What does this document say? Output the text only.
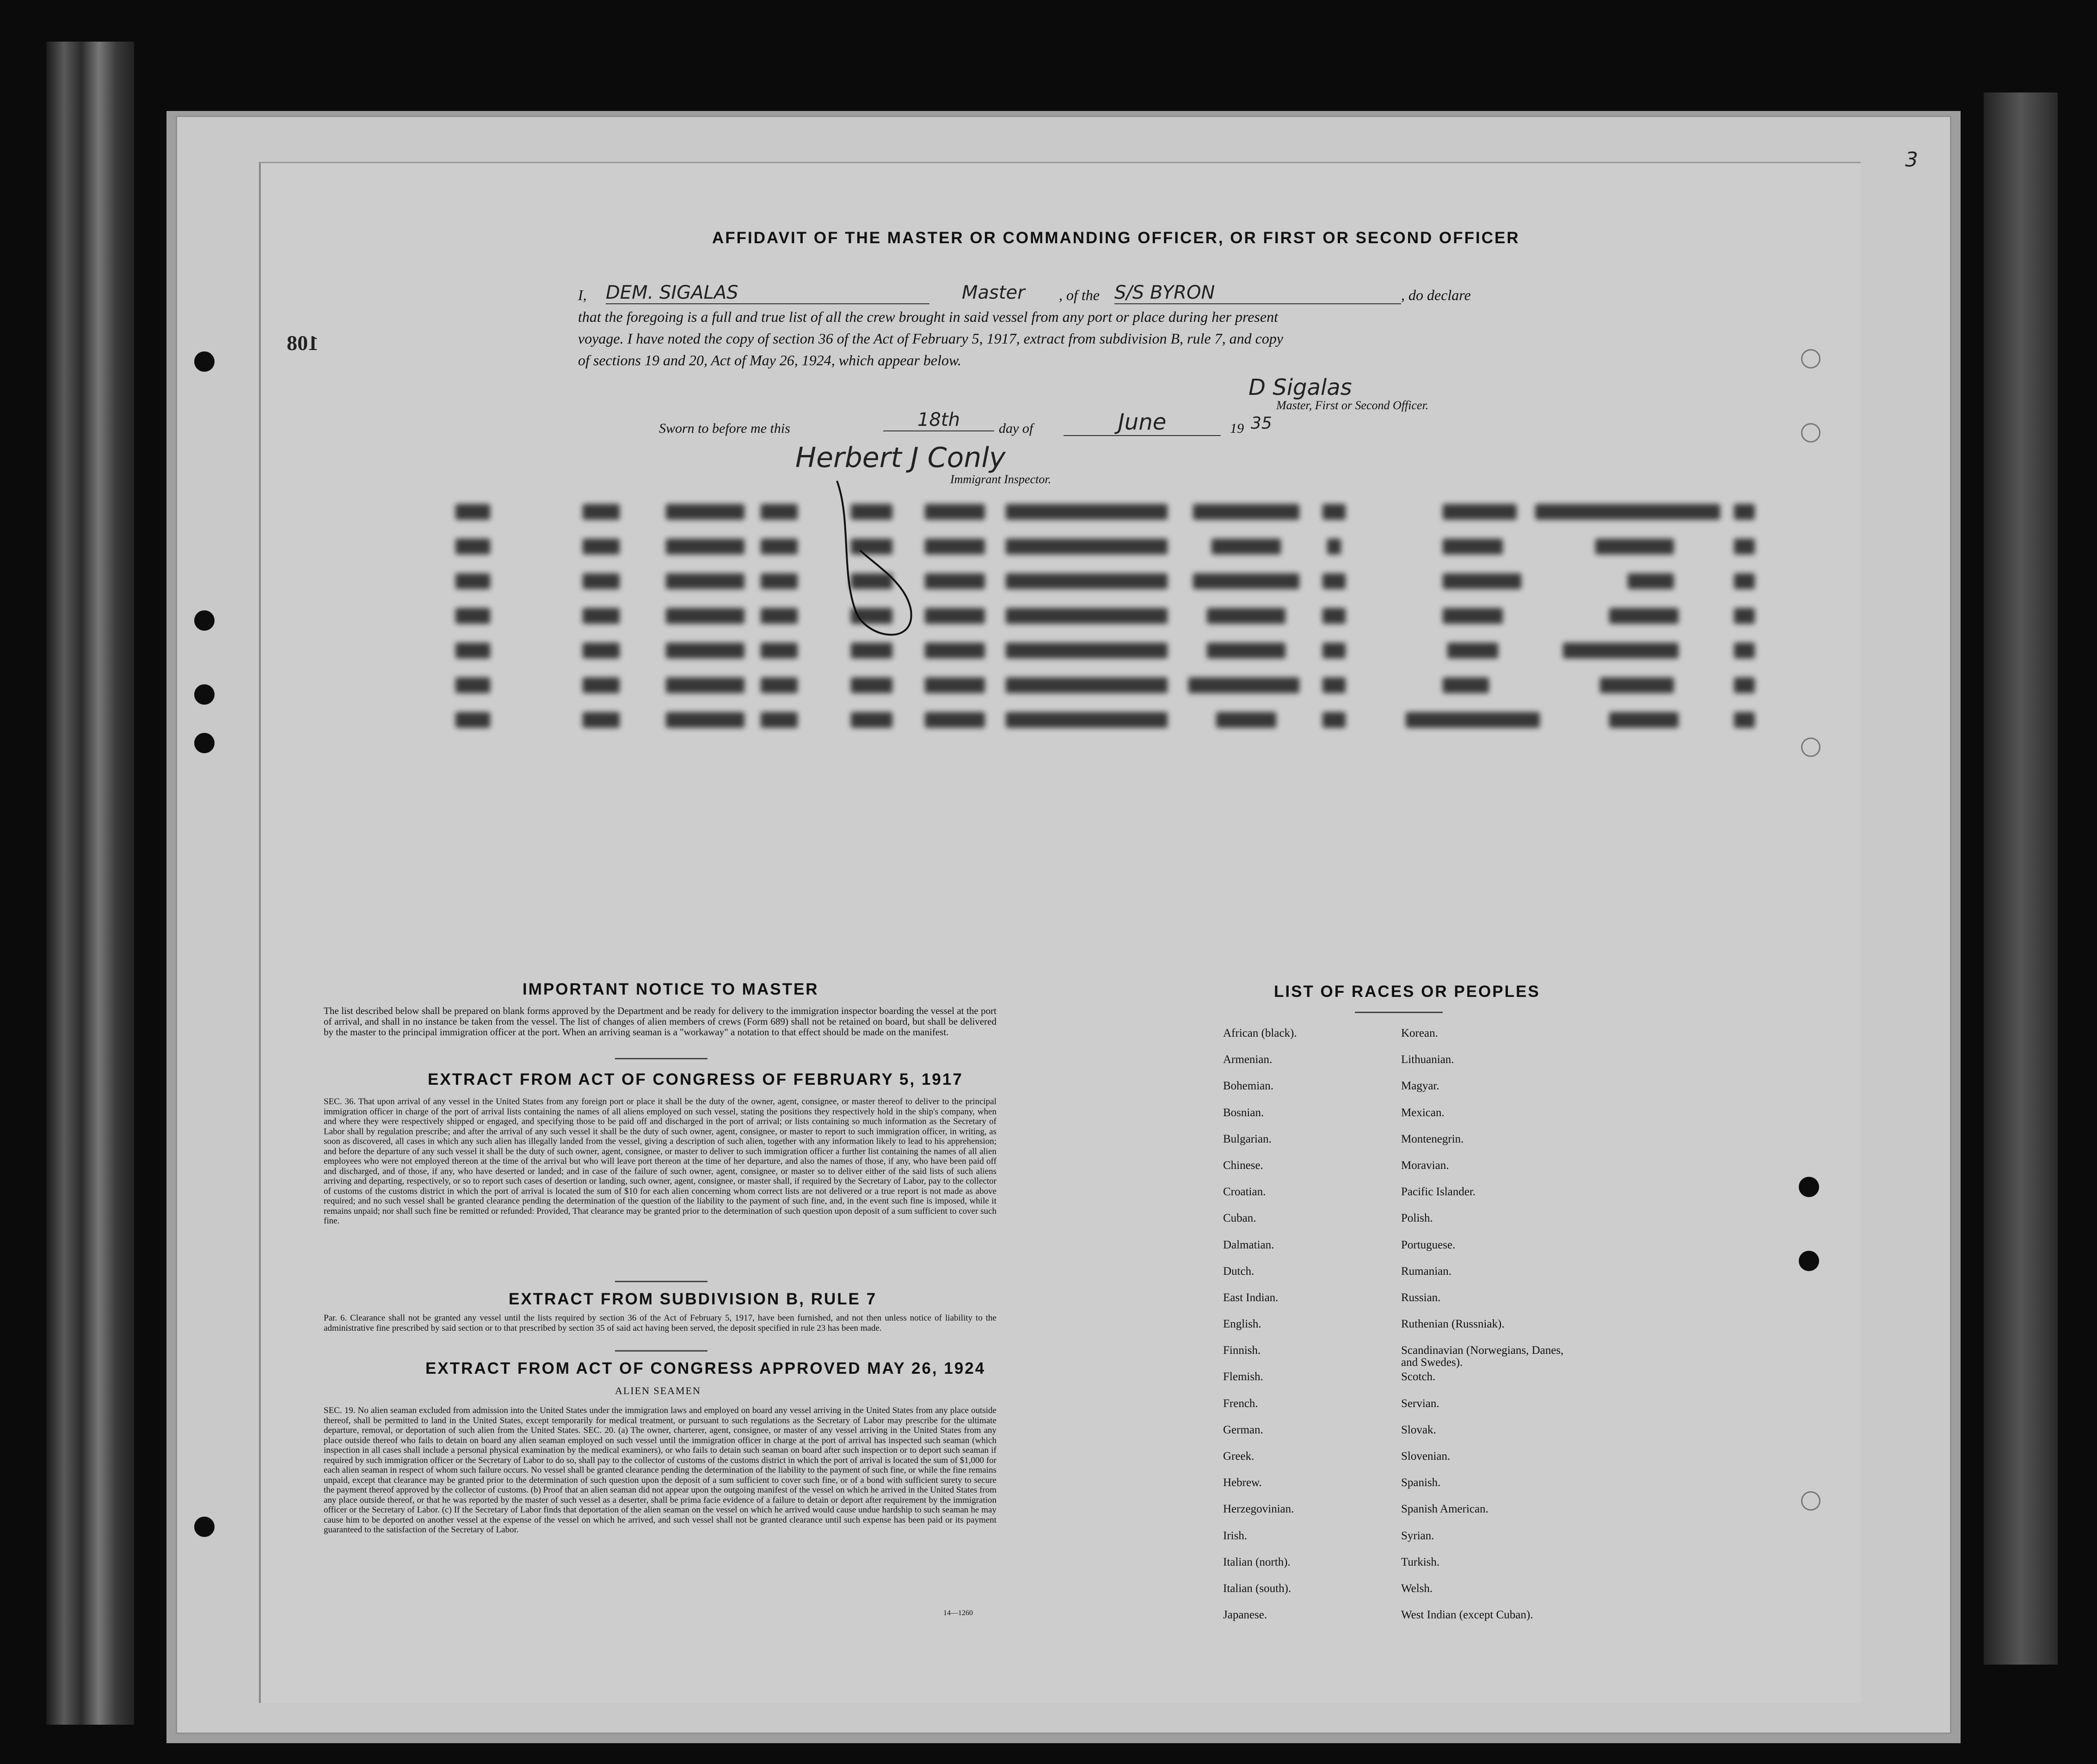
3
108
AFFIDAVIT OF THE MASTER OR COMMANDING OFFICER, OR FIRST OR SECOND OFFICER
I, DEM. SIGALAS	Master , of the S/S BYRON	, do declare
that the foregoing is a full and true list of all the crew brought in said vessel from any port or place during her present
voyage. I have noted the copy of section 36 of the Act of February 5, 1917, extract from subdivision B, rule 7, and copy
of sections 19 and 20, Act of May 26, 1924, which appear below.
D Sigalas
Master, First or Second Officer.
Sworn to before me this	18th	day of	June	19 35
Herbert J Conly
Immigrant Inspector.
IMPORTANT NOTICE TO MASTER
The list described below shall be prepared on blank forms approved by the Department and be ready for delivery to the immigration inspector boarding the vessel at the port of arrival, and shall in no instance be taken from the vessel. The list of changes of alien members of crews (Form 689) shall not be retained on board, but shall be delivered by the master to the principal immigration officer at the port. When an arriving seaman is a "workaway" a notation to that effect should be made on the manifest.
EXTRACT FROM ACT OF CONGRESS OF FEBRUARY 5, 1917
SEC. 36. That upon arrival of any vessel in the United States from any foreign port or place it shall be the duty of the owner, agent, consignee, or master thereof to deliver to the principal immigration officer in charge of the port of arrival lists containing the names of all aliens employed on such vessel, stating the positions they respectively hold in the ship's company, when and where they were respectively shipped or engaged, and specifying those to be paid off and discharged in the port of arrival; or lists containing so much information as the Secretary of Labor shall by regulation prescribe; and after the arrival of any such vessel it shall be the duty of such owner, agent, consignee, or master to report to such immigration officer, in writing, as soon as discovered, all cases in which any such alien has illegally landed from the vessel, giving a description of such alien, together with any information likely to lead to his apprehension; and before the departure of any such vessel it shall be the duty of such owner, agent, consignee, or master to deliver to such immigration officer a further list containing the names of all alien employees who were not employed thereon at the time of the arrival but who will leave port thereon at the time of her departure, and also the names of those, if any, who have been paid off and discharged, and of those, if any, who have deserted or landed; and in case of the failure of such owner, agent, consignee, or master so to deliver either of the said lists of such aliens arriving and departing, respectively, or so to report such cases of desertion or landing, such owner, agent, consignee, or master shall, if required by the Secretary of Labor, pay to the collector of customs of the customs district in which the port of arrival is located the sum of $10 for each alien concerning whom correct lists are not delivered or a true report is not made as above required; and no such vessel shall be granted clearance pending the determination of the question of the liability to the payment of such fine, and, in the event such fine is imposed, while it remains unpaid; nor shall such fine be remitted or refunded: Provided, That clearance may be granted prior to the determination of such question upon deposit of a sum sufficient to cover such fine.
EXTRACT FROM SUBDIVISION B, RULE 7
Par. 6. Clearance shall not be granted any vessel until the lists required by section 36 of the Act of February 5, 1917, have been furnished, and not then unless notice of liability to the administrative fine prescribed by said section or to that prescribed by section 35 of said act having been served, the deposit specified in rule 23 has been made.
EXTRACT FROM ACT OF CONGRESS APPROVED MAY 26, 1924
ALIEN SEAMEN
SEC. 19. No alien seaman excluded from admission into the United States under the immigration laws and employed on board any vessel arriving in the United States from any place outside thereof, shall be permitted to land in the United States, except temporarily for medical treatment, or pursuant to such regulations as the Secretary of Labor may prescribe for the ultimate departure, removal, or deportation of such alien from the United States. SEC. 20. (a) The owner, charterer, agent, consignee, or master of any vessel arriving in the United States from any place outside thereof who fails to detain on board any alien seaman employed on such vessel until the immigration officer in charge at the port of arrival has inspected such seaman (which inspection in all cases shall include a personal physical examination by the medical examiners), or who fails to detain such seaman on board after such inspection or to deport such seaman if required by such immigration officer or the Secretary of Labor to do so, shall pay to the collector of customs of the customs district in which the port of arrival is located the sum of $1,000 for each alien seaman in respect of whom such failure occurs. No vessel shall be granted clearance pending the determination of the liability to the payment of such fine, or while the fine remains unpaid, except that clearance may be granted prior to the determination of such question upon the deposit of a sum sufficient to cover such fine, or of a bond with sufficient surety to secure the payment thereof approved by the collector of customs. (b) Proof that an alien seaman did not appear upon the outgoing manifest of the vessel on which he arrived in the United States from any place outside thereof, or that he was reported by the master of such vessel as a deserter, shall be prima facie evidence of a failure to detain or deport after requirement by the immigration officer or the Secretary of Labor. (c) If the Secretary of Labor finds that deportation of the alien seaman on the vessel on which he arrived would cause undue hardship to such seaman he may cause him to be deported on another vessel at the expense of the vessel on which he arrived, and such vessel shall not be granted clearance until such expense has been paid or its payment guaranteed to the satisfaction of the Secretary of Labor.
14—1260
LIST OF RACES OR PEOPLES
African (black).
Armenian.
Bohemian.
Bosnian.
Bulgarian.
Chinese.
Croatian.
Cuban.
Dalmatian.
Dutch.
East Indian.
English.
Finnish.
Flemish.
French.
German.
Greek.
Hebrew.
Herzegovinian.
Irish.
Italian (north).
Italian (south).
Japanese.
Korean.
Lithuanian.
Magyar.
Mexican.
Montenegrin.
Moravian.
Pacific Islander.
Polish.
Portuguese.
Rumanian.
Russian.
Ruthenian (Russniak).
Scandinavian (Norwegians, Danes, and Swedes).
Scotch.
Servian.
Slovak.
Slovenian.
Spanish.
Spanish American.
Syrian.
Turkish.
Welsh.
West Indian (except Cuban).
